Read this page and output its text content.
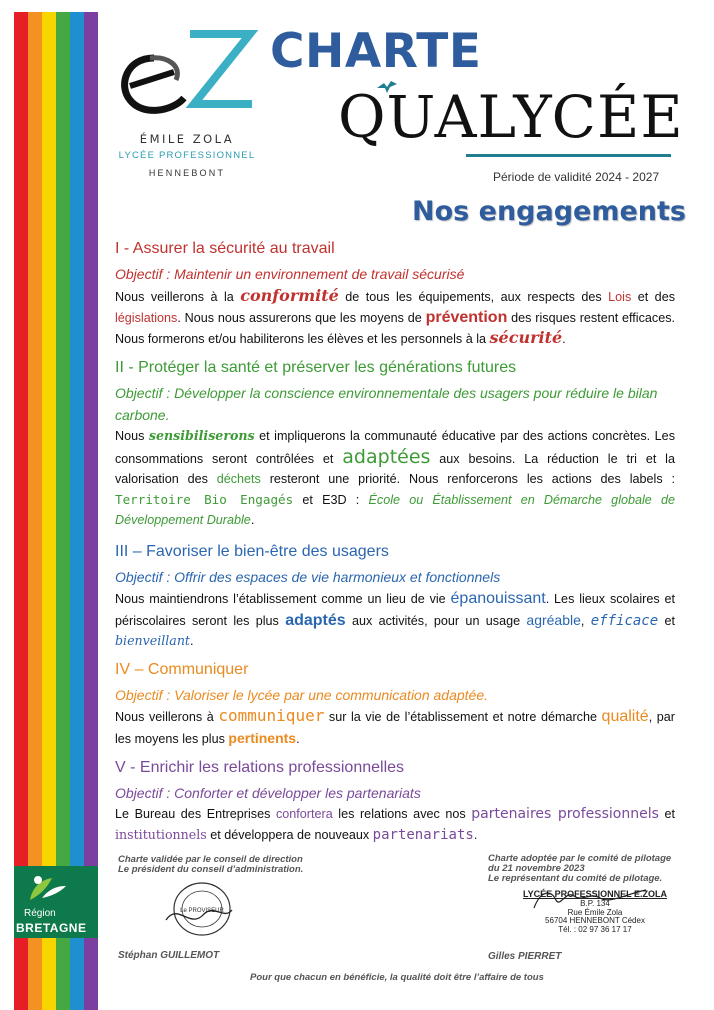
ÉMILE ZOLA
LYCÉE PROFESSIONNEL
HENNEBONT
CHARTE
QUALYCÉE
Période de validité 2024 - 2027
Nos engagements
I - Assurer la sécurité au travail
Objectif : Maintenir un environnement de travail sécurisé
Nous veillerons à la conformité de tous les équipements, aux respects des Lois et des législations. Nous nous assurerons que les moyens de prévention des risques restent efficaces. Nous formerons et/ou habiliterons les élèves et les personnels à la sécurité.
II - Protéger la santé et préserver les générations futures
Objectif : Développer la conscience environnementale des usagers pour réduire le bilan carbone.
Nous sensibiliserons et impliquerons la communauté éducative par des actions concrètes. Les consommations seront contrôlées et adaptées aux besoins. La réduction le tri et la valorisation des déchets resteront une priorité. Nous renforcerons les actions des labels : Territoire Bio Engagés et E3D : École ou Établissement en Démarche globale de Développement Durable.
III – Favoriser le bien-être des usagers
Objectif : Offrir des espaces de vie harmonieux et fonctionnels
Nous maintiendrons l’établissement comme un lieu de vie épanouissant. Les lieux scolaires et périscolaires seront les plus adaptés aux activités, pour un usage agréable, efficace et bienveillant.
IV – Communiquer
Objectif : Valoriser le lycée par une communication adaptée.
Nous veillerons à communiquer sur la vie de l’établissement et notre démarche qualité, par les moyens les plus pertinents.
V - Enrichir les relations professionnelles
Objectif : Conforter et développer les partenariats
Le Bureau des Entreprises confortera les relations avec nos partenaires professionnels et institutionnels et développera de nouveaux partenariats.
Charte validée par le conseil de direction
Le président du conseil d’administration.
Le PROVISEUR
Stéphan GUILLEMOT
Charte adoptée par le comité de pilotage
du 21 novembre 2023
Le représentant du comité de pilotage.
LYCÉE PROFESSIONNEL E.ZOLA
B.P. 134
Rue Émile Zola
56704 HENNEBONT Cédex
Tél. : 02 97 36 17 17
Gilles PIERRET
Pour que chacun en bénéficie, la qualité doit être l’affaire de tous
Région
BRETAGNE
